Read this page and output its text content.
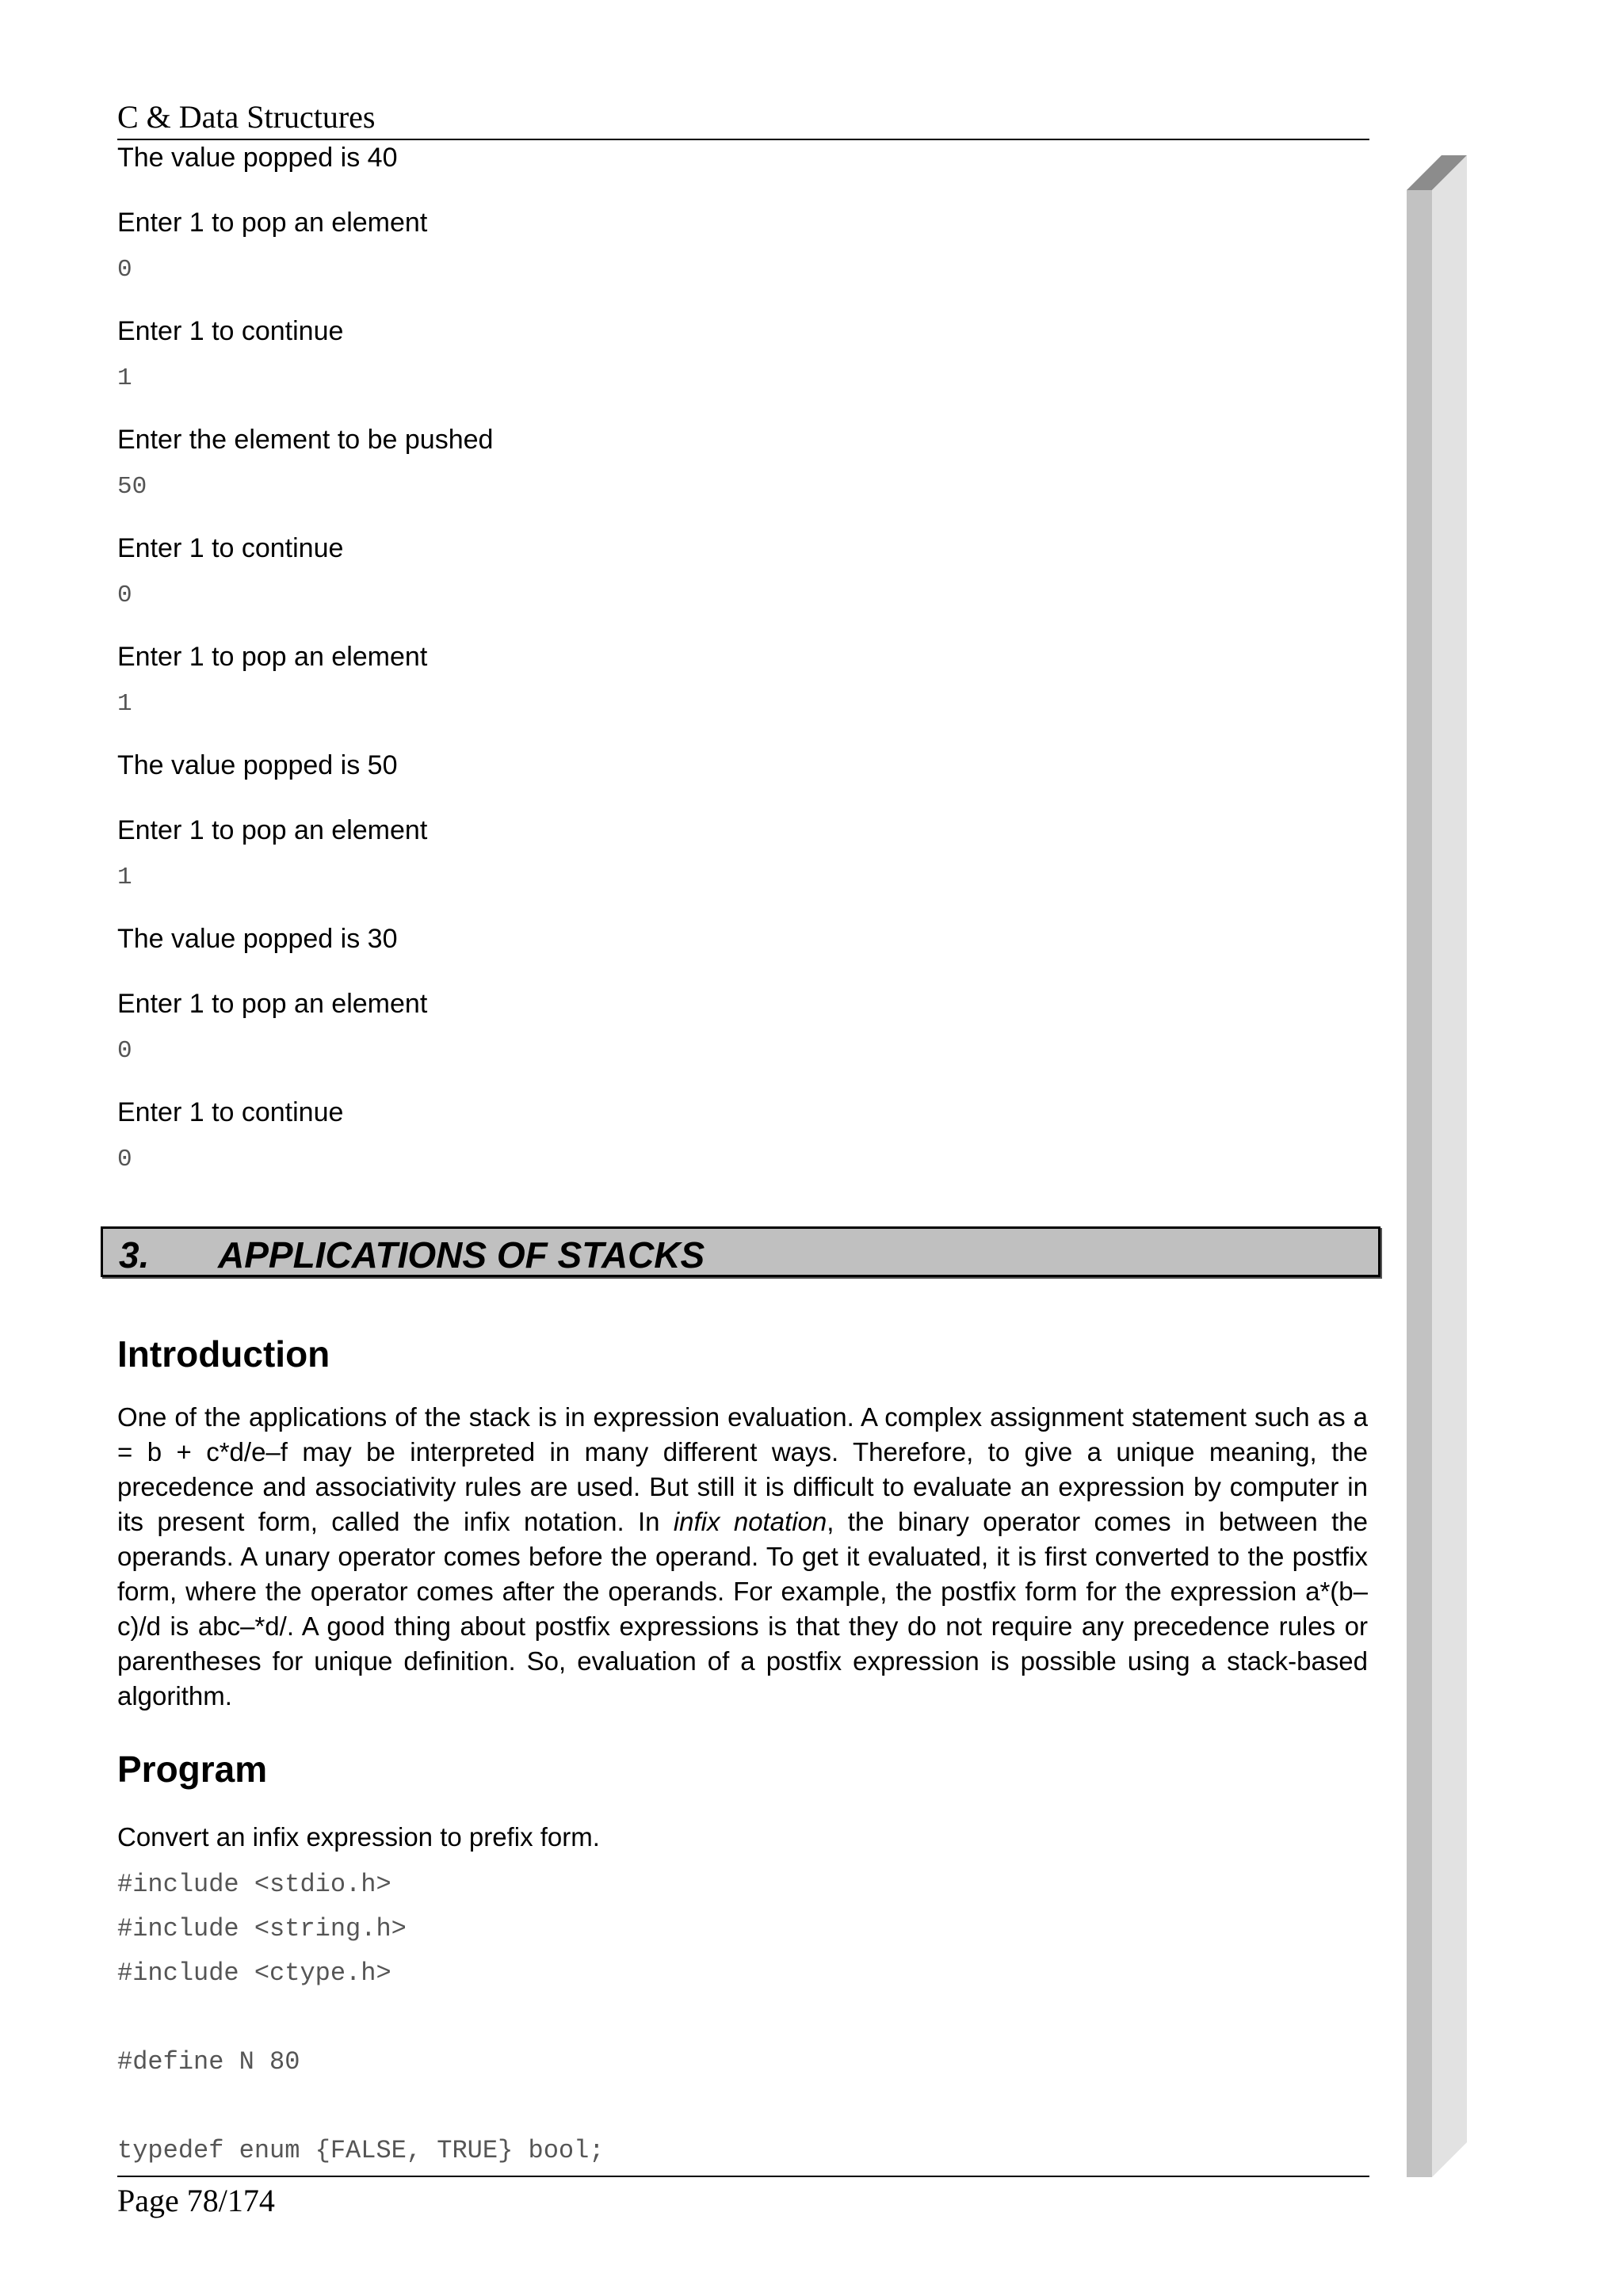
C & Data Structures
The value popped is 40
Enter 1 to pop an element
0
Enter 1 to continue
1
Enter the element to be pushed
50
Enter 1 to continue
0
Enter 1 to pop an element
1
The value popped is 50
Enter 1 to pop an element
1
The value popped is 30
Enter 1 to pop an element
0
Enter 1 to continue
0
3. APPLICATIONS OF STACKS
Introduction

One of the applications of the stack is in expression evaluation. A complex assignment statement such as a = b + c*d/e–f may be interpreted in many different ways. Therefore, to give a unique meaning, the precedence and associativity rules are used. But still it is difficult to evaluate an expression by computer in its present form, called the infix notation. In infix notation, the binary operator comes in between the operands. A unary operator comes before the operand. To get it evaluated, it is first converted to the postfix form, where the operator comes after the operands. For example, the postfix form for the expression a*(b–c)/d is abc–*d/. A good thing about postfix expressions is that they do not require any precedence rules or parentheses for unique definition. So, evaluation of a postfix expression is possible using a stack-based algorithm.

Program
Convert an infix expression to prefix form.
#include <stdio.h>
#include <string.h>
#include <ctype.h>
#define N 80
typedef enum {FALSE, TRUE} bool;
Page 78/174
